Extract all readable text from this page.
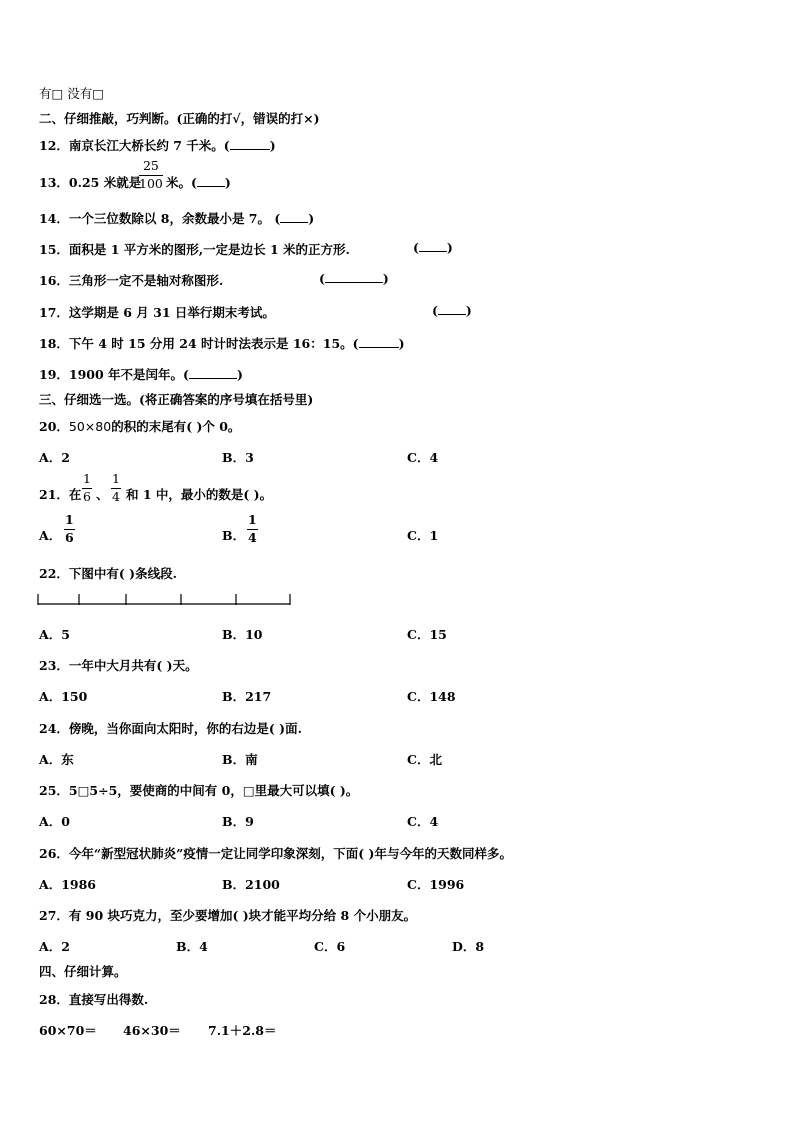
有□ 没有□
二、仔细推敲，巧判断。(正确的打√，错误的打×)
12．南京长江大桥长约 7 千米。(	)
13．0.25 米就是
$\frac{25}{100}$ 米。( )
14．一个三位数除以 8，余数最小是 7。 ( )
15．面积是 1 平方米的图形,一定是边长 1 米的正方形.	( )
16．三角形一定不是轴对称图形.	(	)
17．这学期是 6 月 31 日举行期末考试。	( )
18．下午 4 时 15 分用 24 时计时法表示是 16：15。(	)
19．1900 年不是闰年。(	)
三、仔细选一选。(将正确答案的序号填在括号里)
20．50×80的积的末尾有( )个 0。
A．2	B．3	C．4
21．在 $\frac{1}{6}$ 、 $\frac{1}{4}$ 和 1 中，最小的数是( )。
A． $\frac{1}{6}$	B． $\frac{1}{4}$	C．1
22．下图中有( )条线段.
A．5	B．10	C．15
23．一年中大月共有( )天。
A．150	B．217	C．148
24．傍晚，当你面向太阳时，你的右边是( )面.
A．东	B．南	C．北
25．5□5÷5，要使商的中间有 0，□里最大可以填( )。
A．0	B．9	C．4
26．今年“新型冠状肺炎”疫情一定让同学印象深刻，下面( )年与今年的天数同样多。
A．1986	B．2100	C．1996
27．有 90 块巧克力，至少要增加( )块才能平均分给 8 个小朋友。
A．2	B．4	C．6	D．8
四、仔细计算。
28．直接写出得数.
60×70＝ 46×30＝ 7.1＋2.8＝
